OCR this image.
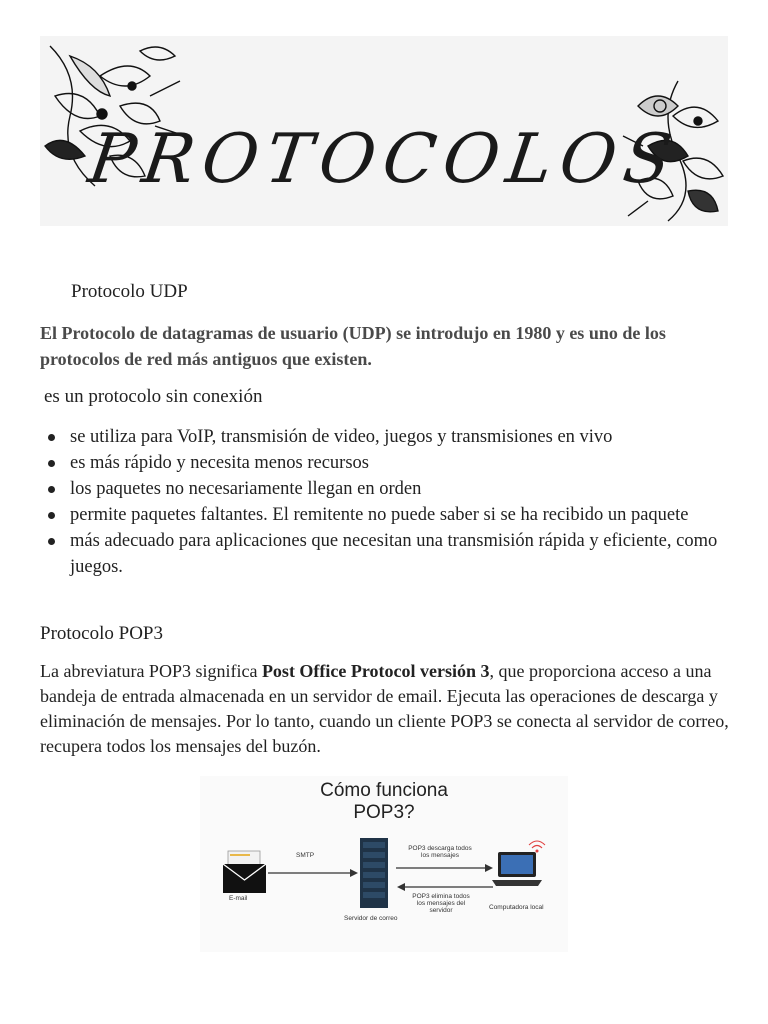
PROTOCOLOS
Protocolo UDP
El Protocolo de datagramas de usuario (UDP) se introdujo en 1980 y es uno de los protocolos de red más antiguos que existen.
es un protocolo sin conexión
se utiliza para VoIP, transmisión de video, juegos y transmisiones en vivo
es más rápido y necesita menos recursos
los paquetes no necesariamente llegan en orden
permite paquetes faltantes. El remitente no puede saber si se ha recibido un paquete
más adecuado para aplicaciones que necesitan una transmisión rápida y eficiente, como juegos.
Protocolo POP3
La abreviatura POP3 significa Post Office Protocol versión 3, que proporciona acceso a una bandeja de entrada almacenada en un servidor de email. Ejecuta las operaciones de descarga y eliminación de mensajes. Por lo tanto, cuando un cliente POP3 se conecta al servidor de correo, recupera todos los mensajes del buzón.
Cómo funciona
POP3?
SMTP
E-mail
Servidor de correo
POP3 descarga todos
los mensajes
POP3 elimina todos
los mensajes del
servidor	Computadora local
